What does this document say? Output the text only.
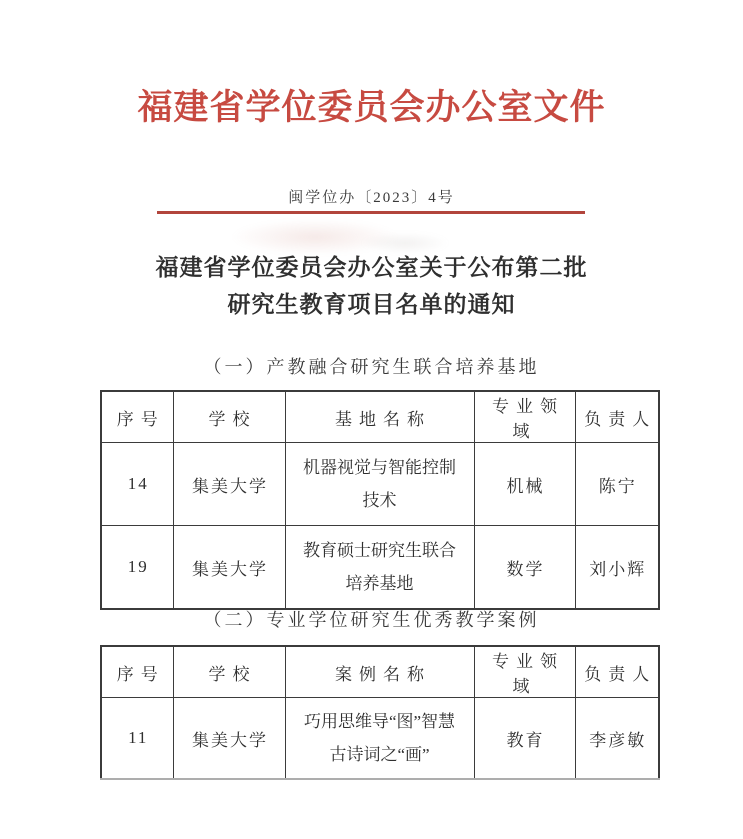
福建省学位委员会办公室文件
闽学位办〔2023〕4号
福建省学位委员会办公室关于公布第二批
研究生教育项目名单的通知
（一）产教融合研究生联合培养基地
序号	学校	基地名称	专业领域	负责人
14	集美大学	机器视觉与智能控制技术	机械	陈宁
19	集美大学	教育硕士研究生联合培养基地	数学	刘小辉
（二）专业学位研究生优秀教学案例
序号	学校	案例名称	专业领域	负责人
11	集美大学	巧用思维导“图”智慧古诗词之“画”	教育	李彦敏
